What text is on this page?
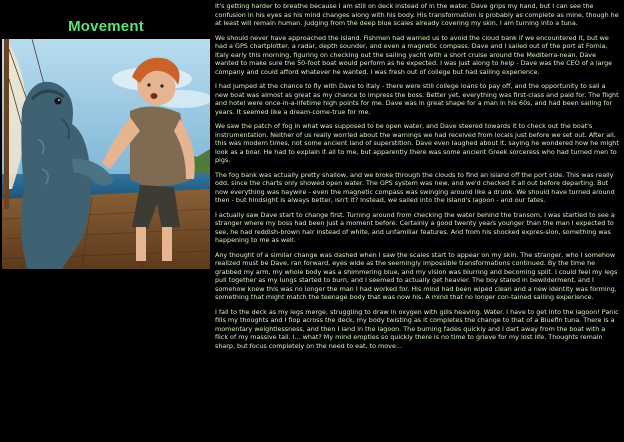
Movement

It's getting harder to breathe because I am still on deck instead of in the water. Dave grips my hand, but I can see the confusion in his eyes as his mind changes along with his body. His transformation is probably as complete as mine, though he at least will remain human. Judging from the deep blue scales already covering my skin, I am turning into a tuna.

We should never have approached the island. Fishmen had warned us to avoid the cloud bank if we encountered it, but we had a GPS chartplotter, a radar, depth sounder, and even a magnetic compass. Dave and I sailed out of the port at Fornia, Italy early this morning, figuring on checking out the sailing yacht with a short cruise around the Mediterra-nean. Dave wanted to make sure the 50-foot boat would perform as he expected. I was just along to help - Dave was the CEO of a large company and could afford whatever he wanted. I was fresh out of college but had sailing experience.

I had jumped at the chance to fly with Dave to Italy - there were still college loans to pay off, and the opportunity to sail a new boat was almost as great as my chance to impress the boss. Better yet, everything was first-class and paid for. The flight and hotel were once-in-a-lifetime high points for me. Dave was in great shape for a man in his 60s, and had been sailing for years. It seemed like a dream-come-true for me.

We saw the patch of fog in what was supposed to be open water, and Dave steered towards it to check out the boat's instrumentation. Neither of us really worried about the warnings we had received from locals just before we set out. After all, this was modern times, not some ancient land of superstition. Dave even laughed about it, saying he wondered how he might look as a boar. He had to explain it all to me, but apparently there was some ancient Greek sorceress who had turned men to pigs.

The fog bank was actually pretty shallow, and we broke through the clouds to find an island off the port side. This was really odd, since the charts only showed open water. The GPS system was new, and we'd checked it all out before departing. But now everything was haywire - even the magnetic compass was swinging around like a drunk. We should have turned around then - but hindsight is always better, isn't it? Instead, we sailed into the island's lagoon - and our fates.

I actually saw Dave start to change first. Turning around from checking the water behind the transom, I was startled to see a stranger where my boss had been just a moment before. Certainly a good twenty years younger than the man I expected to see, he had reddish-brown hair instead of white, and unfamiliar features. And from his shocked expres-sion, something was happening to me as well.

Any thought of a similar change was dashed when I saw the scales start to appear on my skin. The stranger, who I somehow realized must be Dave, ran forward, eyes wide as the seemingly impossible transformations continued. By the time he grabbed my arm, my whole body was a shimmering blue, and my vision was blurring and becoming split. I could feel my legs pull together as my lungs started to burn, and I seemed to actually get heavier. The boy stared in bewilderment, and I somehow knew this was no longer the man I had worked for. His mind had been wiped clean and a new identity was forming, something that might match the teenage body that was now his. A mind that no longer con-tained sailing experience.

I fall to the deck as my legs merge, struggling to draw in oxygen with gills heaving. Water. I have to get into the lagoon! Panic fills my thoughts and I flop across the deck, my body twisting as it completes the change to that of a Bluefin tuna. There is a momentary weightlessness, and then I land in the lagoon. The burning fades quickly and I dart away from the boat with a flick of my massive tail. I... what? My mind empties so quickly there is no time to grieve for my lost life. Thoughts remain sharp, but focus completely on the need to eat, to move...
